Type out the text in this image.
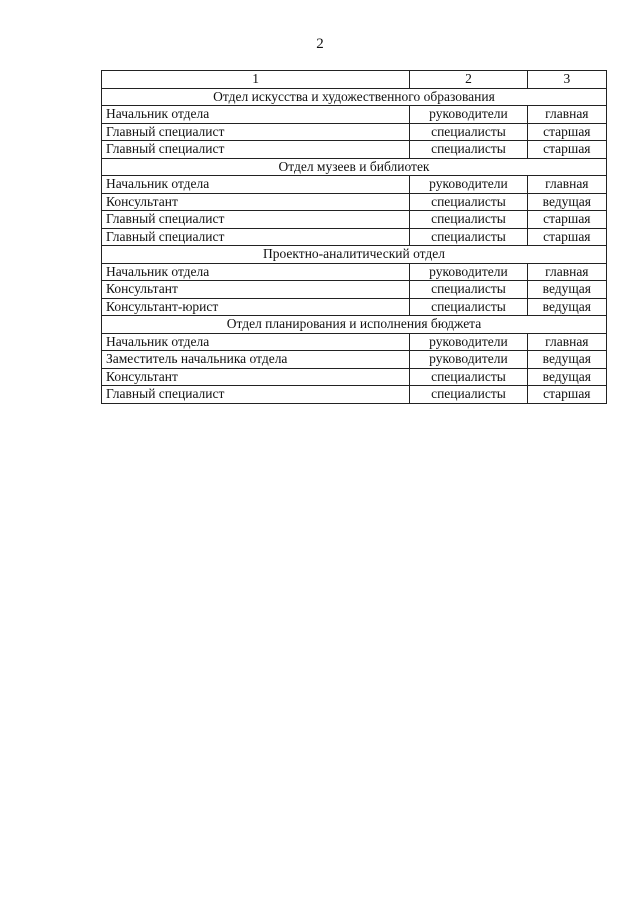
2
1	2	3
Отдел искусства и художественного образования		
Начальник отдела	руководители	главная
Главный специалист	специалисты	старшая
Главный специалист	специалисты	старшая
Отдел музеев и библиотек		
Начальник отдела	руководители	главная
Консультант	специалисты	ведущая
Главный специалист	специалисты	старшая
Главный специалист	специалисты	старшая
Проектно-аналитический отдел		
Начальник отдела	руководители	главная
Консультант	специалисты	ведущая
Консультант-юрист	специалисты	ведущая
Отдел планирования и исполнения бюджета		
Начальник отдела	руководители	главная
Заместитель начальника отдела	руководители	ведущая
Консультант	специалисты	ведущая
Главный специалист	специалисты	старшая
